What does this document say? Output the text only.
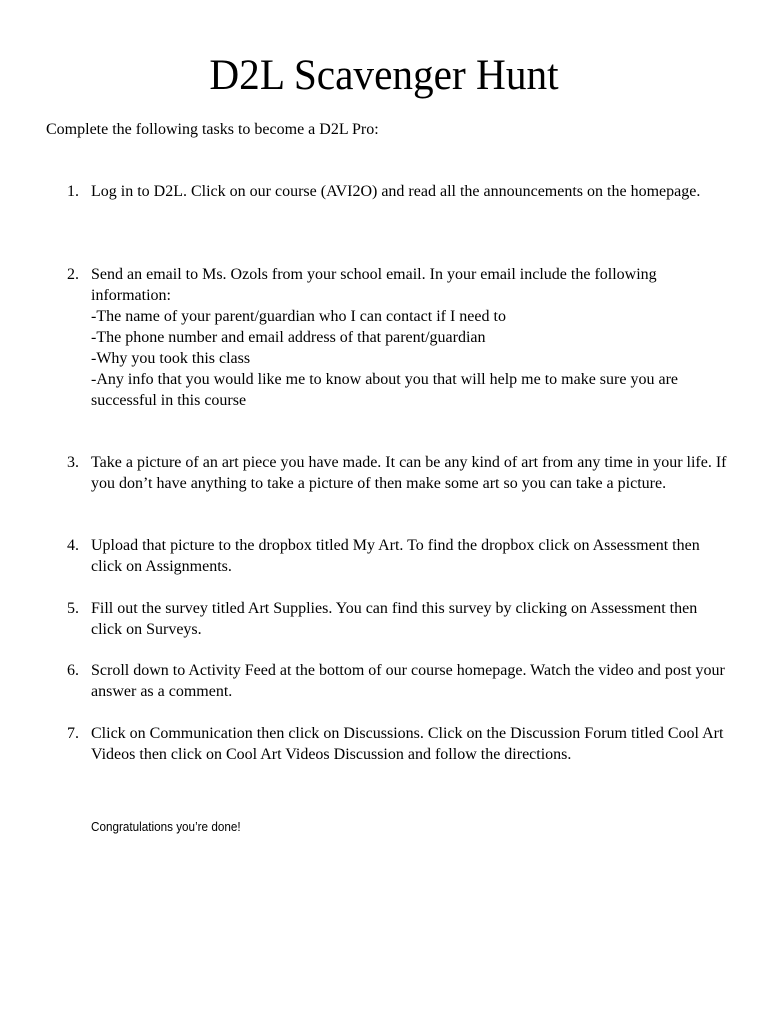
D2L Scavenger Hunt

Complete the following tasks to become a D2L Pro:

1. Log in to D2L. Click on our course (AVI2O) and read all the announcements on the homepage.
2. Send an email to Ms. Ozols from your school email. In your email include the following information:
-The name of your parent/guardian who I can contact if I need to
-The phone number and email address of that parent/guardian
-Why you took this class
-Any info that you would like me to know about you that will help me to make sure you are successful in this course
3. Take a picture of an art piece you have made. It can be any kind of art from any time in your life. If you don’t have anything to take a picture of then make some art so you can take a picture.
4. Upload that picture to the dropbox titled My Art. To find the dropbox click on Assessment then click on Assignments.
5. Fill out the survey titled Art Supplies. You can find this survey by clicking on Assessment then click on Surveys.
6. Scroll down to Activity Feed at the bottom of our course homepage. Watch the video and post your answer as a comment.
7. Click on Communication then click on Discussions. Click on the Discussion Forum titled Cool Art Videos then click on Cool Art Videos Discussion and follow the directions.
Congratulations you’re done!
